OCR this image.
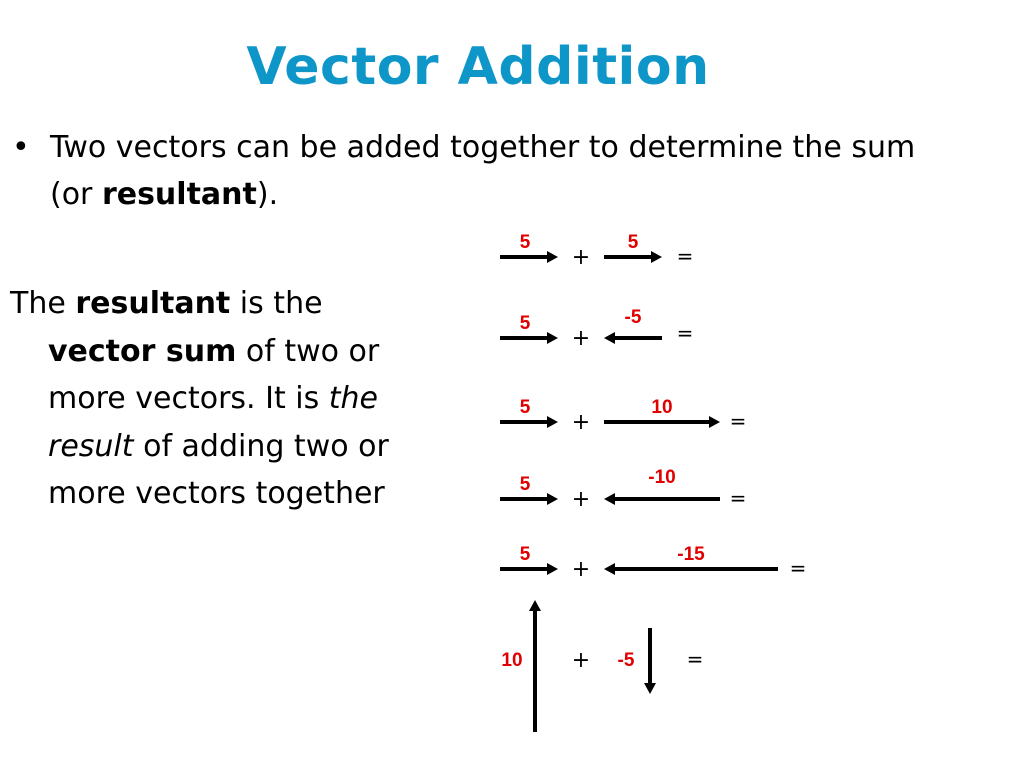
Vector Addition
• Two vectors can be added together to determine the sum (or resultant).
The resultant is the vector sum of two or more vectors. It is the result of adding two or more vectors together
5
+
5
=
5
+
-5
=
5
+
10
=
5
+
-10
=
5
+
-15
=
10 + -5	=
